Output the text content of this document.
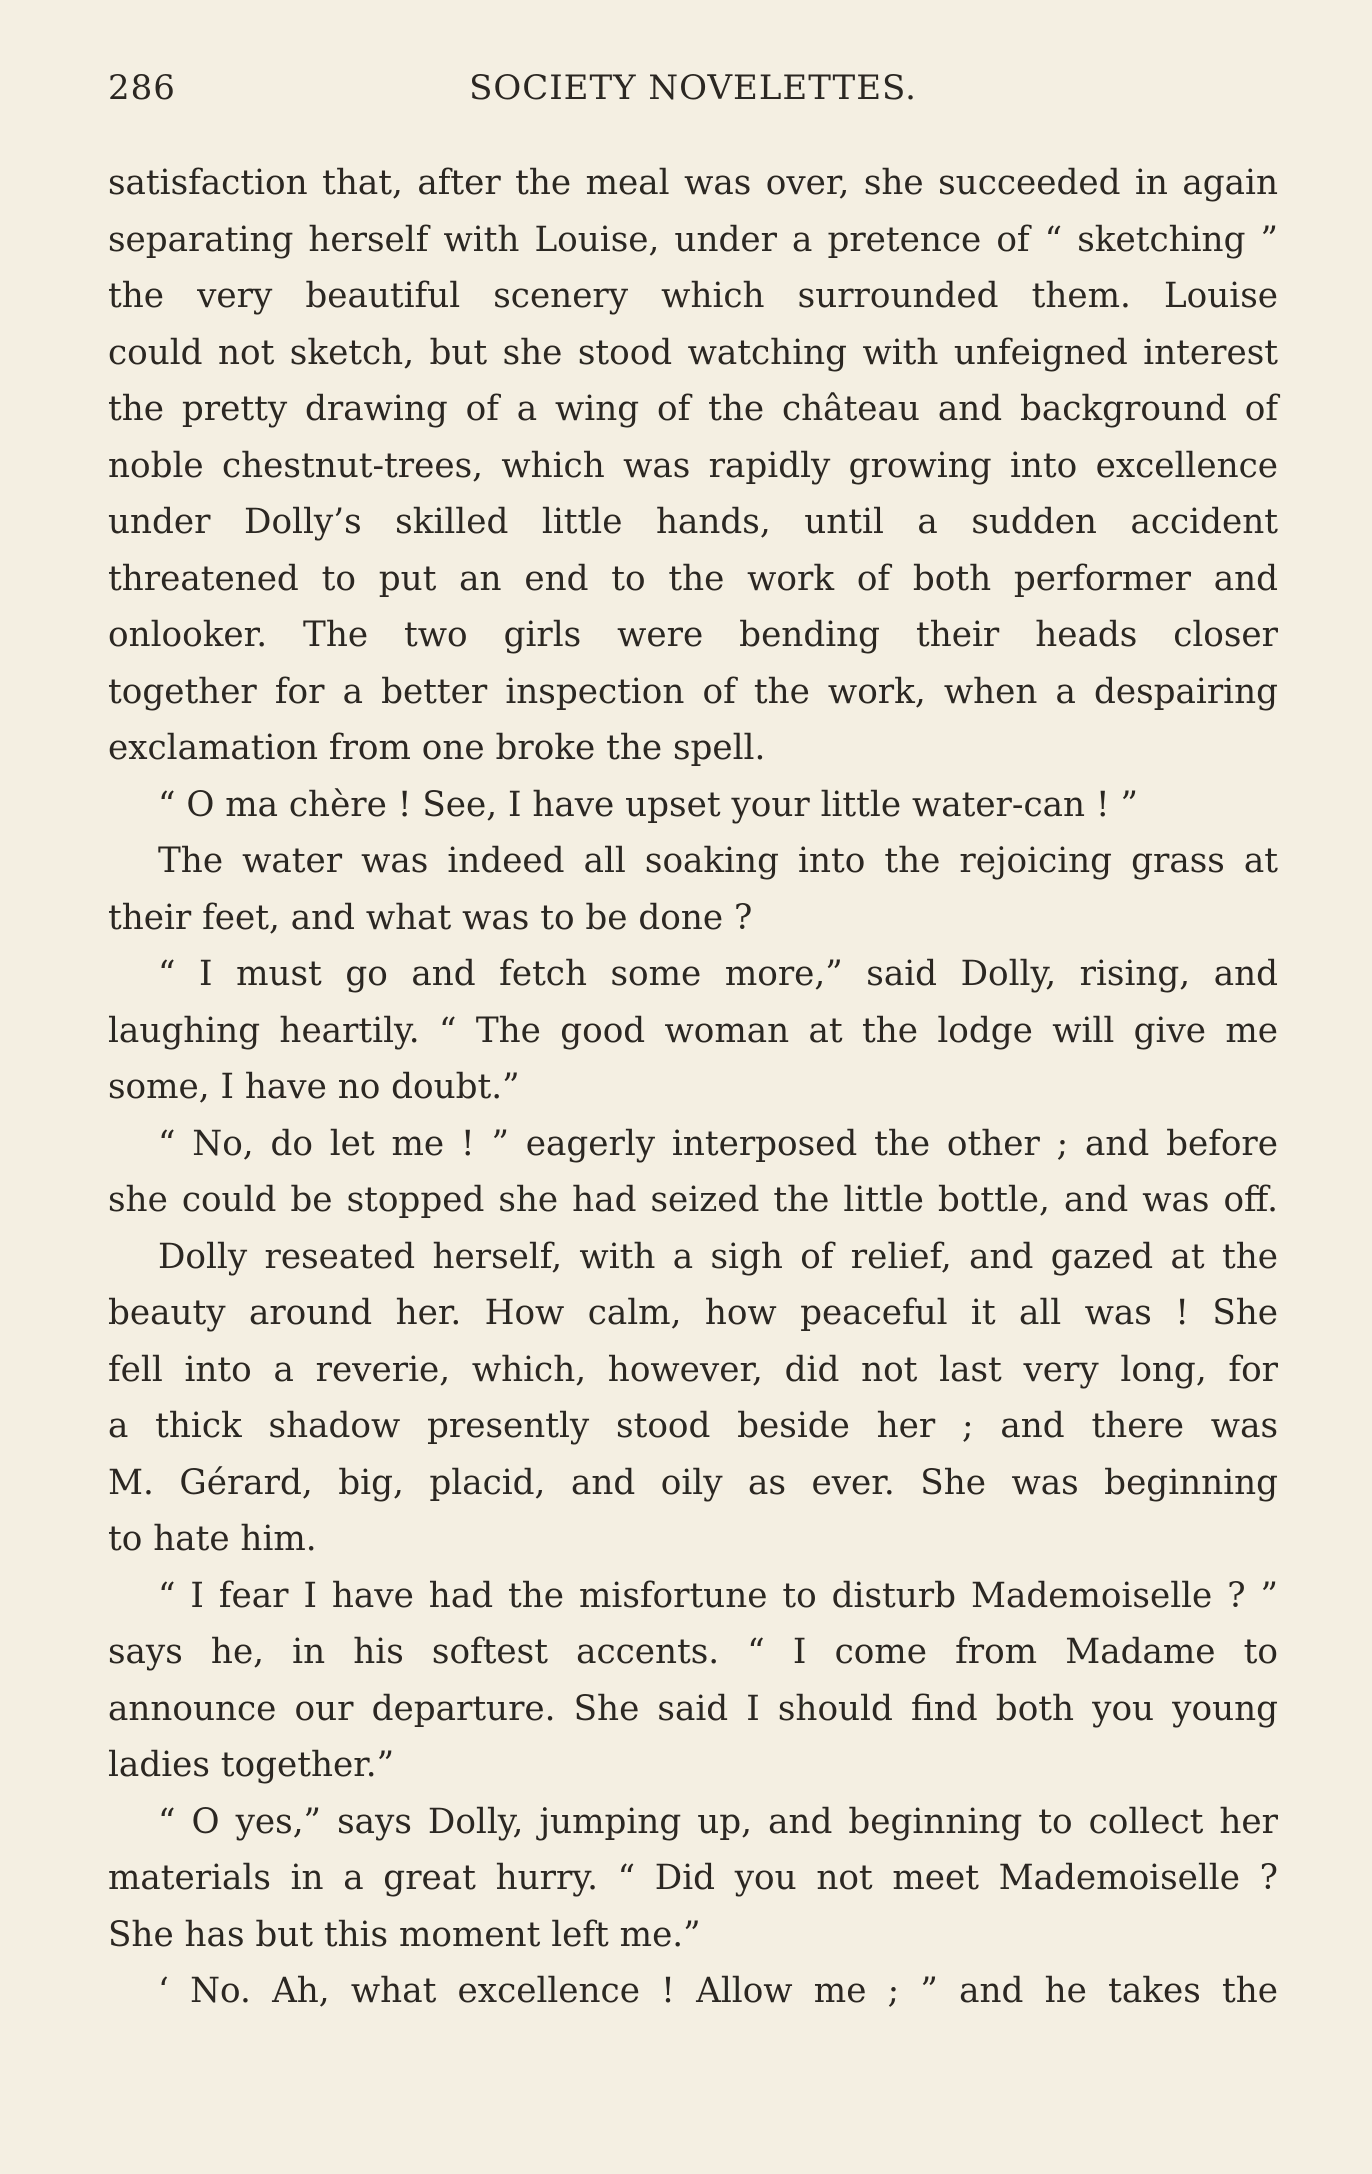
286	SOCIETY NOVELETTES.
satisfaction that, after the meal was over, she succeeded in again
separating herself with Louise, under a pretence of “ sketching ”
the very beautiful scenery which surrounded them. Louise
could not sketch, but she stood watching with unfeigned interest
the pretty drawing of a wing of the château and background of
noble chestnut-trees, which was rapidly growing into excellence
under Dolly’s skilled little hands, until a sudden accident
threatened to put an end to the work of both performer and
onlooker. The two girls were bending their heads closer
together for a better inspection of the work, when a despairing
exclamation from one broke the spell.
“ O ma chère ! See, I have upset your little water-can ! ”
The water was indeed all soaking into the rejoicing grass at
their feet, and what was to be done ?
“ I must go and fetch some more,” said Dolly, rising, and
laughing heartily. “ The good woman at the lodge will give me
some, I have no doubt.”
“ No, do let me ! ” eagerly interposed the other ; and before
she could be stopped she had seized the little bottle, and was off.
Dolly reseated herself, with a sigh of relief, and gazed at the
beauty around her. How calm, how peaceful it all was ! She
fell into a reverie, which, however, did not last very long, for
a thick shadow presently stood beside her ; and there was
M. Gérard, big, placid, and oily as ever. She was beginning
to hate him.
“ I fear I have had the misfortune to disturb Mademoiselle ? ”
says he, in his softest accents. “ I come from Madame to
announce our departure. She said I should find both you young
ladies together.”
“ O yes,” says Dolly, jumping up, and beginning to collect her
materials in a great hurry. “ Did you not meet Mademoiselle ?
She has but this moment left me.”
‘ No. Ah, what excellence ! Allow me ; ” and he takes the
